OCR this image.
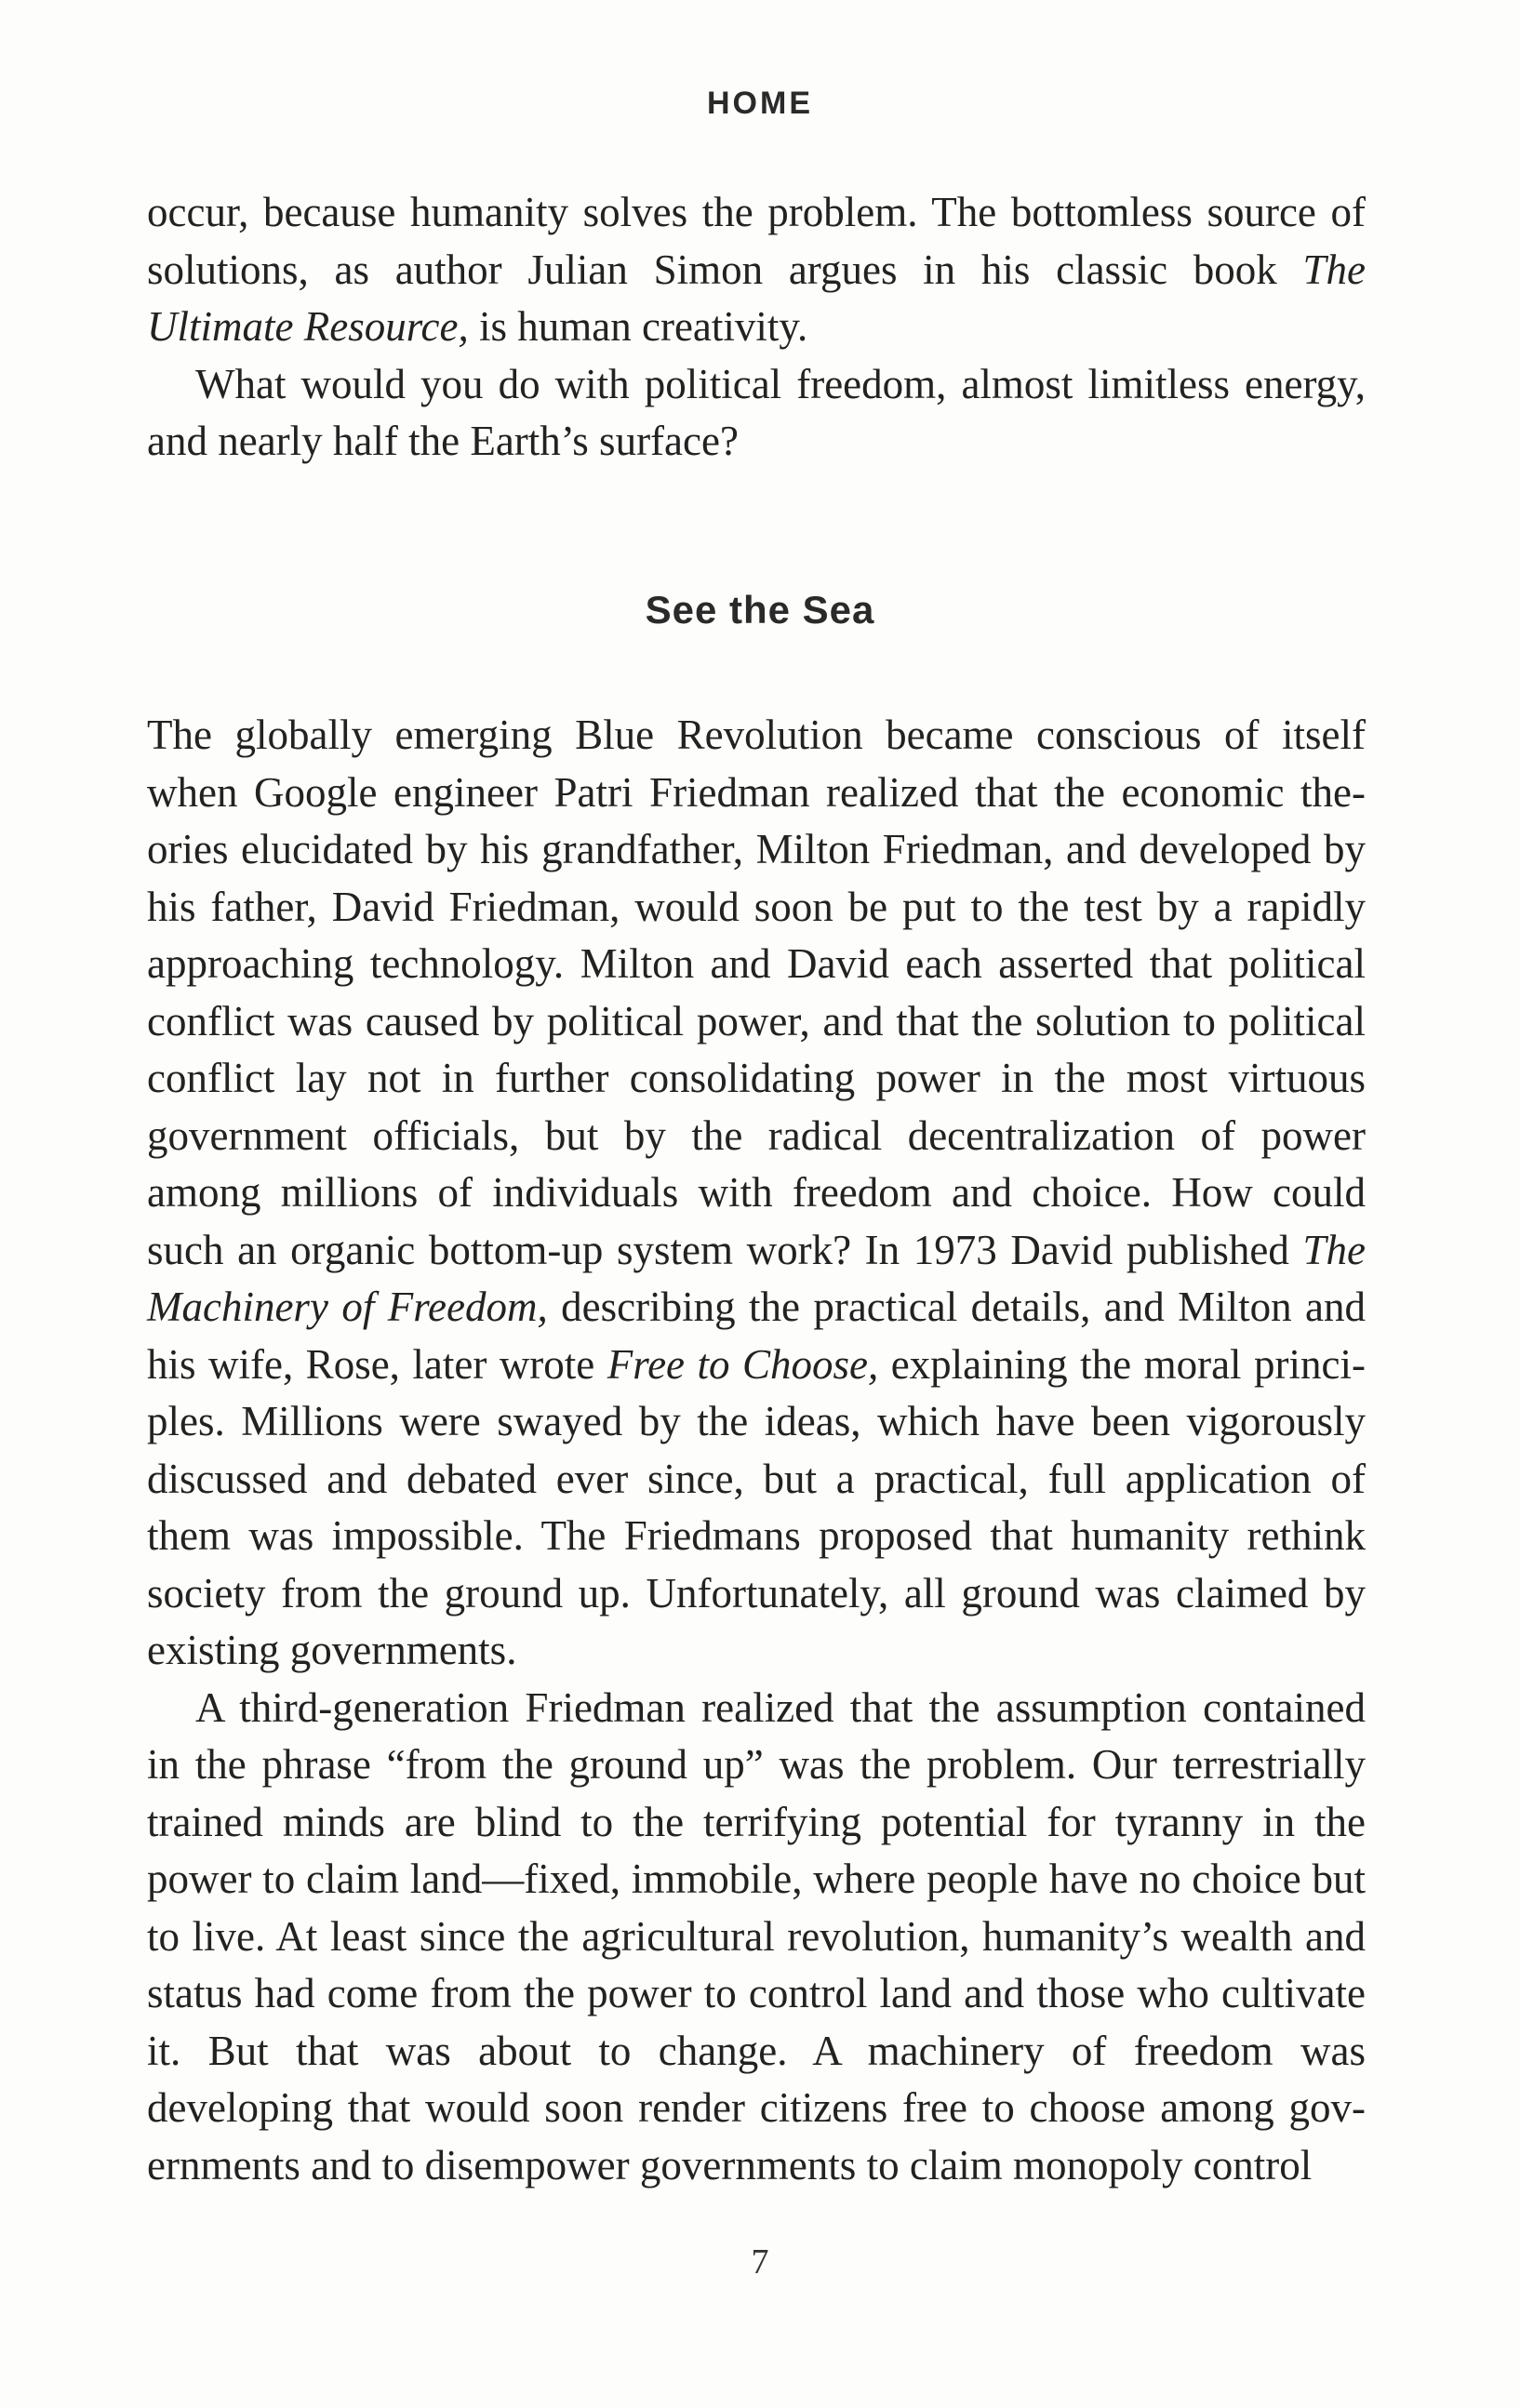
HOME

occur, because humanity solves the problem. The bottomless source of solutions, as author Julian Simon argues in his classic book The Ultimate Resource, is human creativity.

What would you do with political freedom, almost limitless energy, and nearly half the Earth’s surface?

See the Sea

The globally emerging Blue Revolution became conscious of itself when Google engineer Patri Friedman realized that the economic theories elucidated by his grandfather, Milton Friedman, and developed by his father, David Friedman, would soon be put to the test by a rapidly approaching technology. Milton and David each asserted that political conflict was caused by political power, and that the solution to political conflict lay not in further consolidating power in the most virtuous government officials, but by the radical decentralization of power among millions of individuals with freedom and choice. How could such an organic bottom-up system work? In 1973 David published The Machinery of Freedom, describing the practical details, and Milton and his wife, Rose, later wrote Free to Choose, explaining the moral principles. Millions were swayed by the ideas, which have been vigorously discussed and debated ever since, but a practical, full application of them was impossible. The Friedmans proposed that humanity rethink society from the ground up. Unfortunately, all ground was claimed by existing governments.

A third-generation Friedman realized that the assumption contained in the phrase “from the ground up” was the problem. Our terrestrially trained minds are blind to the terrifying potential for tyranny in the power to claim land—fixed, immobile, where people have no choice but to live. At least since the agricultural revolution, humanity’s wealth and status had come from the power to control land and those who cultivate it. But that was about to change. A machinery of freedom was developing that would soon render citizens free to choose among governments and to disempower governments to claim monopoly control

7
